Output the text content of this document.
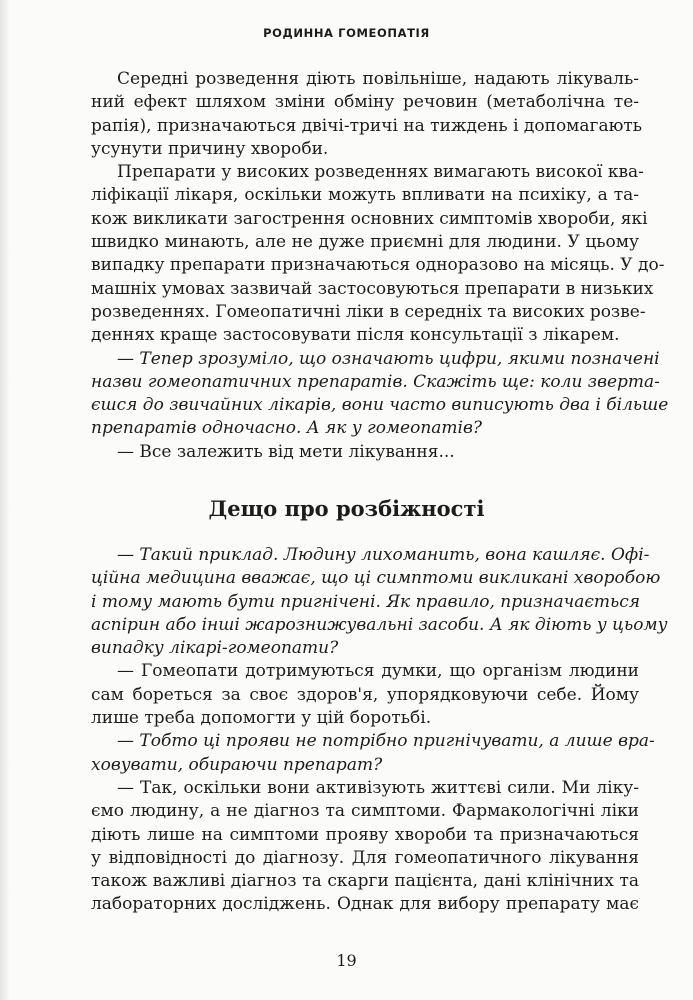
РОДИННА ГОМЕОПАТІЯ
Середні розведення діють повільніше, надають лікуваль-
ний ефект шляхом зміни обміну речовин (метаболічна те-
рапія), призначаються двічі-тричі на тиждень і допомагають
усунути причину хвороби.
Препарати у високих розведеннях вимагають високої ква-
ліфікації лікаря, оскільки можуть впливати на психіку, а та-
кож викликати загострення основних симптомів хвороби, які
швидко минають, але не дуже приємні для людини. У цьому
випадку препарати призначаються одноразово на місяць. У до-
машніх умовах зазвичай застосовуються препарати в низьких
розведеннях. Гомеопатичні ліки в середніх та високих розве-
деннях краще застосовувати після консультації з лікарем.
— Тепер зрозуміло, що означають цифри, якими позначені
назви гомеопатичних препаратів. Скажіть ще: коли зверта-
єшся до звичайних лікарів, вони часто виписують два і більше
препаратів одночасно. А як у гомеопатів?
— Все залежить від мети лікування...
Дещо про розбіжності
— Такий приклад. Людину лихоманить, вона кашляє. Офі-
ційна медицина вважає, що ці симптоми викликані хворобою
і тому мають бути пригнічені. Як правило, призначається
аспірин або інші жарознижувальні засоби. А як діють у цьому
випадку лікарі-гомеопати?
— Гомеопати дотримуються думки, що організм людини
сам бореться за своє здоров'я, упорядковуючи себе. Йому
лише треба допомогти у цій боротьбі.
— Тобто ці прояви не потрібно пригнічувати, а лише вра-
ховувати, обираючи препарат?
— Так, оскільки вони активізують життєві сили. Ми ліку-
ємо людину, а не діагноз та симптоми. Фармакологічні ліки
діють лише на симптоми прояву хвороби та призначаються
у відповідності до діагнозу. Для гомеопатичного лікування
також важливі діагноз та скарги пацієнта, дані клінічних та
лабораторних досліджень. Однак для вибору препарату має
19
